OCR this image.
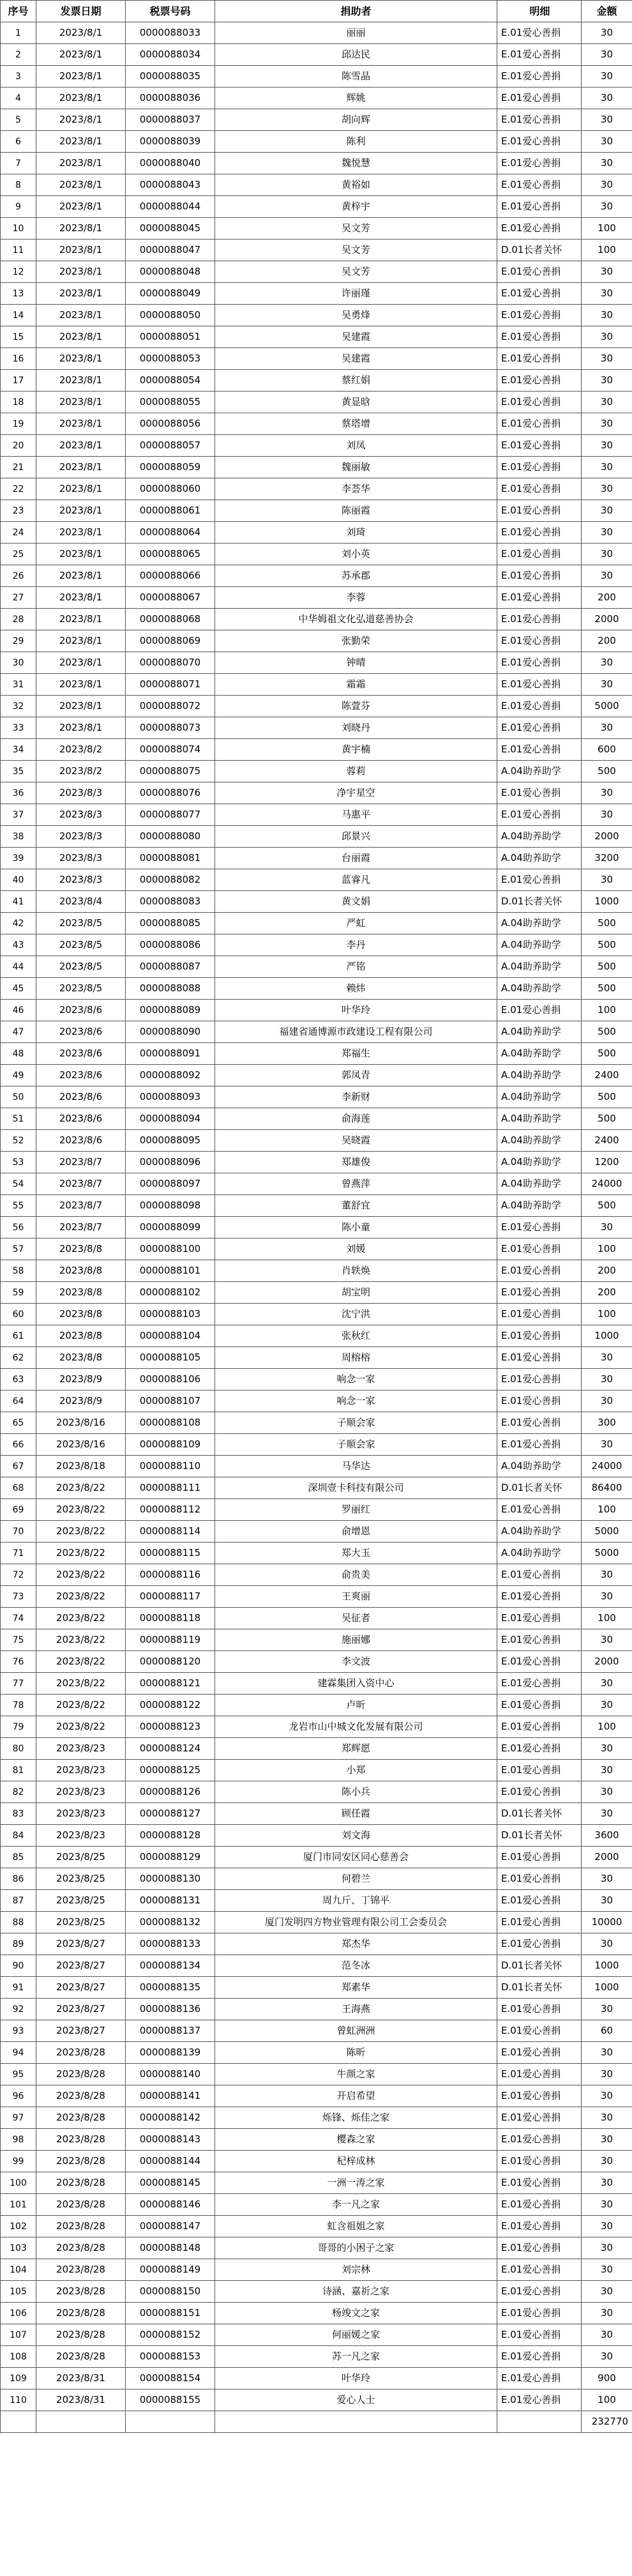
序号	发票日期	税票号码	捐助者	明细	金额
1	2023/8/1	0000088033	丽丽	E.01爱心善捐	30
2	2023/8/1	0000088034	邱达民	E.01爱心善捐	30
3	2023/8/1	0000088035	陈雪晶	E.01爱心善捐	30
4	2023/8/1	0000088036	辉姚	E.01爱心善捐	30
5	2023/8/1	0000088037	胡向辉	E.01爱心善捐	30
6	2023/8/1	0000088039	陈利	E.01爱心善捐	30
7	2023/8/1	0000088040	魏悦慧	E.01爱心善捐	30
8	2023/8/1	0000088043	黄裕如	E.01爱心善捐	30
9	2023/8/1	0000088044	黄梓宇	E.01爱心善捐	30
10	2023/8/1	0000088045	吴文芳	E.01爱心善捐	100
11	2023/8/1	0000088047	吴文芳	D.01长者关怀	100
12	2023/8/1	0000088048	吴文芳	E.01爱心善捐	30
13	2023/8/1	0000088049	许丽瑾	E.01爱心善捐	30
14	2023/8/1	0000088050	吴勇烽	E.01爱心善捐	30
15	2023/8/1	0000088051	吴建霞	E.01爱心善捐	30
16	2023/8/1	0000088053	吴建霞	E.01爱心善捐	30
17	2023/8/1	0000088054	蔡红娟	E.01爱心善捐	30
18	2023/8/1	0000088055	黄显晗	E.01爱心善捐	30
19	2023/8/1	0000088056	蔡塔增	E.01爱心善捐	30
20	2023/8/1	0000088057	刘凤	E.01爱心善捐	30
21	2023/8/1	0000088059	魏丽敏	E.01爱心善捐	30
22	2023/8/1	0000088060	李荟华	E.01爱心善捐	30
23	2023/8/1	0000088061	陈丽霞	E.01爱心善捐	30
24	2023/8/1	0000088064	刘琦	E.01爱心善捐	30
25	2023/8/1	0000088065	刘小英	E.01爱心善捐	30
26	2023/8/1	0000088066	苏承郡	E.01爱心善捐	30
27	2023/8/1	0000088067	李蓉	E.01爱心善捐	200
28	2023/8/1	0000088068	中华姆祖文化弘道慈善协会	E.01爱心善捐	2000
29	2023/8/1	0000088069	张勤荣	E.01爱心善捐	200
30	2023/8/1	0000088070	钟晴	E.01爱心善捐	30
31	2023/8/1	0000088071	霜霜	E.01爱心善捐	30
32	2023/8/1	0000088072	陈萱芬	E.01爱心善捐	5000
33	2023/8/1	0000088073	刘晓丹	E.01爱心善捐	30
34	2023/8/2	0000088074	黄宇楠	E.01爱心善捐	600
35	2023/8/2	0000088075	蓉莉	A.04助养助学	500
36	2023/8/3	0000088076	净宇星空	E.01爱心善捐	30
37	2023/8/3	0000088077	马惠平	E.01爱心善捐	30
38	2023/8/3	0000088080	邱景兴	A.04助养助学	2000
39	2023/8/3	0000088081	台丽霞	A.04助养助学	3200
40	2023/8/3	0000088082	蓝睿凡	E.01爱心善捐	30
41	2023/8/4	0000088083	黄文娟	D.01长者关怀	1000
42	2023/8/5	0000088085	严虹	A.04助养助学	500
43	2023/8/5	0000088086	李丹	A.04助养助学	500
44	2023/8/5	0000088087	严铭	A.04助养助学	500
45	2023/8/5	0000088088	赖炜	A.04助养助学	500
46	2023/8/6	0000088089	叶华玲	E.01爱心善捐	100
47	2023/8/6	0000088090	福建省通博源市政建设工程有限公司	A.04助养助学	500
48	2023/8/6	0000088091	郑福生	A.04助养助学	500
49	2023/8/6	0000088092	郭凤青	A.04助养助学	2400
50	2023/8/6	0000088093	李新财	A.04助养助学	500
51	2023/8/6	0000088094	俞海莲	A.04助养助学	500
52	2023/8/6	0000088095	吴晓霞	A.04助养助学	2400
53	2023/8/7	0000088096	郑雄俊	A.04助养助学	1200
54	2023/8/7	0000088097	曾燕萍	A.04助养助学	24000
55	2023/8/7	0000088098	董舒宜	A.04助养助学	500
56	2023/8/7	0000088099	陈小童	E.01爱心善捐	30
57	2023/8/8	0000088100	刘媛	E.01爱心善捐	100
58	2023/8/8	0000088101	肖轶焕	E.01爱心善捐	200
59	2023/8/8	0000088102	胡宝明	E.01爱心善捐	200
60	2023/8/8	0000088103	沈宁洪	E.01爱心善捐	100
61	2023/8/8	0000088104	张秋红	E.01爱心善捐	1000
62	2023/8/8	0000088105	周榕榕	E.01爱心善捐	30
63	2023/8/9	0000088106	响念一家	E.01爱心善捐	30
64	2023/8/9	0000088107	响念一家	E.01爱心善捐	30
65	2023/8/16	0000088108	子顺会家	E.01爱心善捐	300
66	2023/8/16	0000088109	子顺会家	E.01爱心善捐	30
67	2023/8/18	0000088110	马华达	A.04助养助学	24000
68	2023/8/22	0000088111	深圳壹卡科技有限公司	D.01长者关怀	86400
69	2023/8/22	0000088112	罗丽红	E.01爱心善捐	100
70	2023/8/22	0000088114	俞增恩	A.04助养助学	5000
71	2023/8/22	0000088115	郑大玉	A.04助养助学	5000
72	2023/8/22	0000088116	俞贵美	E.01爱心善捐	30
73	2023/8/22	0000088117	王爽丽	E.01爱心善捐	30
74	2023/8/22	0000088118	吴征者	E.01爱心善捐	100
75	2023/8/22	0000088119	施丽娜	E.01爱心善捐	30
76	2023/8/22	0000088120	李文波	E.01爱心善捐	2000
77	2023/8/22	0000088121	建霖集团入资中心	E.01爱心善捐	30
78	2023/8/22	0000088122	卢昕	E.01爱心善捐	30
79	2023/8/22	0000088123	龙岩市山中城文化发展有限公司	E.01爱心善捐	100
80	2023/8/23	0000088124	郑辉愿	E.01爱心善捐	30
81	2023/8/23	0000088125	小郑	E.01爱心善捐	30
82	2023/8/23	0000088126	陈小兵	E.01爱心善捐	30
83	2023/8/23	0000088127	顾任霞	D.01长者关怀	30
84	2023/8/23	0000088128	刘文海	D.01长者关怀	3600
85	2023/8/25	0000088129	厦门市同安区同心慈善会	E.01爱心善捐	2000
86	2023/8/25	0000088130	何碧兰	E.01爱心善捐	30
87	2023/8/25	0000088131	周九斤、丁锦平	E.01爱心善捐	30
88	2023/8/25	0000088132	厦门发明四方物业管理有限公司工会委员会	E.01爱心善捐	10000
89	2023/8/27	0000088133	郑杰华	E.01爱心善捐	30
90	2023/8/27	0000088134	范冬冰	D.01长者关怀	1000
91	2023/8/27	0000088135	郑素华	D.01长者关怀	1000
92	2023/8/27	0000088136	王海燕	E.01爱心善捐	30
93	2023/8/27	0000088137	曾虹洲洲	E.01爱心善捐	60
94	2023/8/28	0000088139	陈昕	E.01爱心善捐	30
95	2023/8/28	0000088140	牛颜之家	E.01爱心善捐	30
96	2023/8/28	0000088141	开启希望	E.01爱心善捐	30
97	2023/8/28	0000088142	烁锋、烁佳之家	E.01爱心善捐	30
98	2023/8/28	0000088143	樱森之家	E.01爱心善捐	30
99	2023/8/28	0000088144	杞梓成林	E.01爱心善捐	30
100	2023/8/28	0000088145	一洲一涛之家	E.01爱心善捐	30
101	2023/8/28	0000088146	李一凡之家	E.01爱心善捐	30
102	2023/8/28	0000088147	虹含祖姐之家	E.01爱心善捐	30
103	2023/8/28	0000088148	哥哥的小困子之家	E.01爱心善捐	30
104	2023/8/28	0000088149	刘宗林	E.01爱心善捐	30
105	2023/8/28	0000088150	诗涵、嘉祈之家	E.01爱心善捐	30
106	2023/8/28	0000088151	杨竣文之家	E.01爱心善捐	30
107	2023/8/28	0000088152	何丽媛之家	E.01爱心善捐	30
108	2023/8/28	0000088153	苏一凡之家	E.01爱心善捐	30
109	2023/8/31	0000088154	叶华玲	E.01爱心善捐	900
110	2023/8/31	0000088155	爱心人士	E.01爱心善捐	100
					232770
